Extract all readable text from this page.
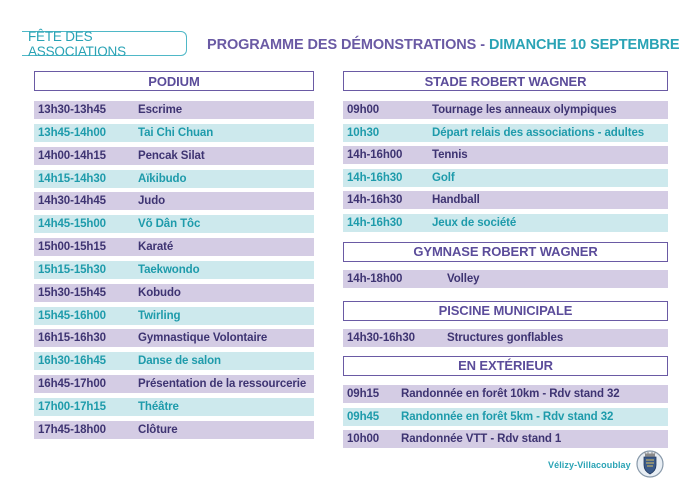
FÊTE DES ASSOCIATIONS	PROGRAMME DES DÉMONSTRATIONS - DIMANCHE 10 SEPTEMBRE
PODIUM
13h30-13h45	Escrime
13h45-14h00	Tai Chi Chuan
14h00-14h15	Pencak Silat
14h15-14h30	Aïkibudo
14h30-14h45	Judo
14h45-15h00	Võ Dân Tôc
15h00-15h15	Karaté
15h15-15h30	Taekwondo
15h30-15h45	Kobudo
15h45-16h00	Twirling
16h15-16h30	Gymnastique Volontaire
16h30-16h45	Danse de salon
16h45-17h00	Présentation de la ressourcerie
17h00-17h15	Théâtre
17h45-18h00	Clôture
STADE ROBERT WAGNER
09h00	Tournage les anneaux olympiques
10h30	Départ relais des associations - adultes
14h-16h00	Tennis
14h-16h30	Golf
14h-16h30	Handball
14h-16h30	Jeux de société
GYMNASE ROBERT WAGNER
14h-18h00	Volley
PISCINE MUNICIPALE
14h30-16h30	Structures gonflables
EN EXTÉRIEUR
09h15	Randonnée en forêt 10km - Rdv stand 32
09h45	Randonnée en forêt 5km - Rdv stand 32
10h00	Randonnée VTT - Rdv stand 1
Vélizy-Villacoublay
